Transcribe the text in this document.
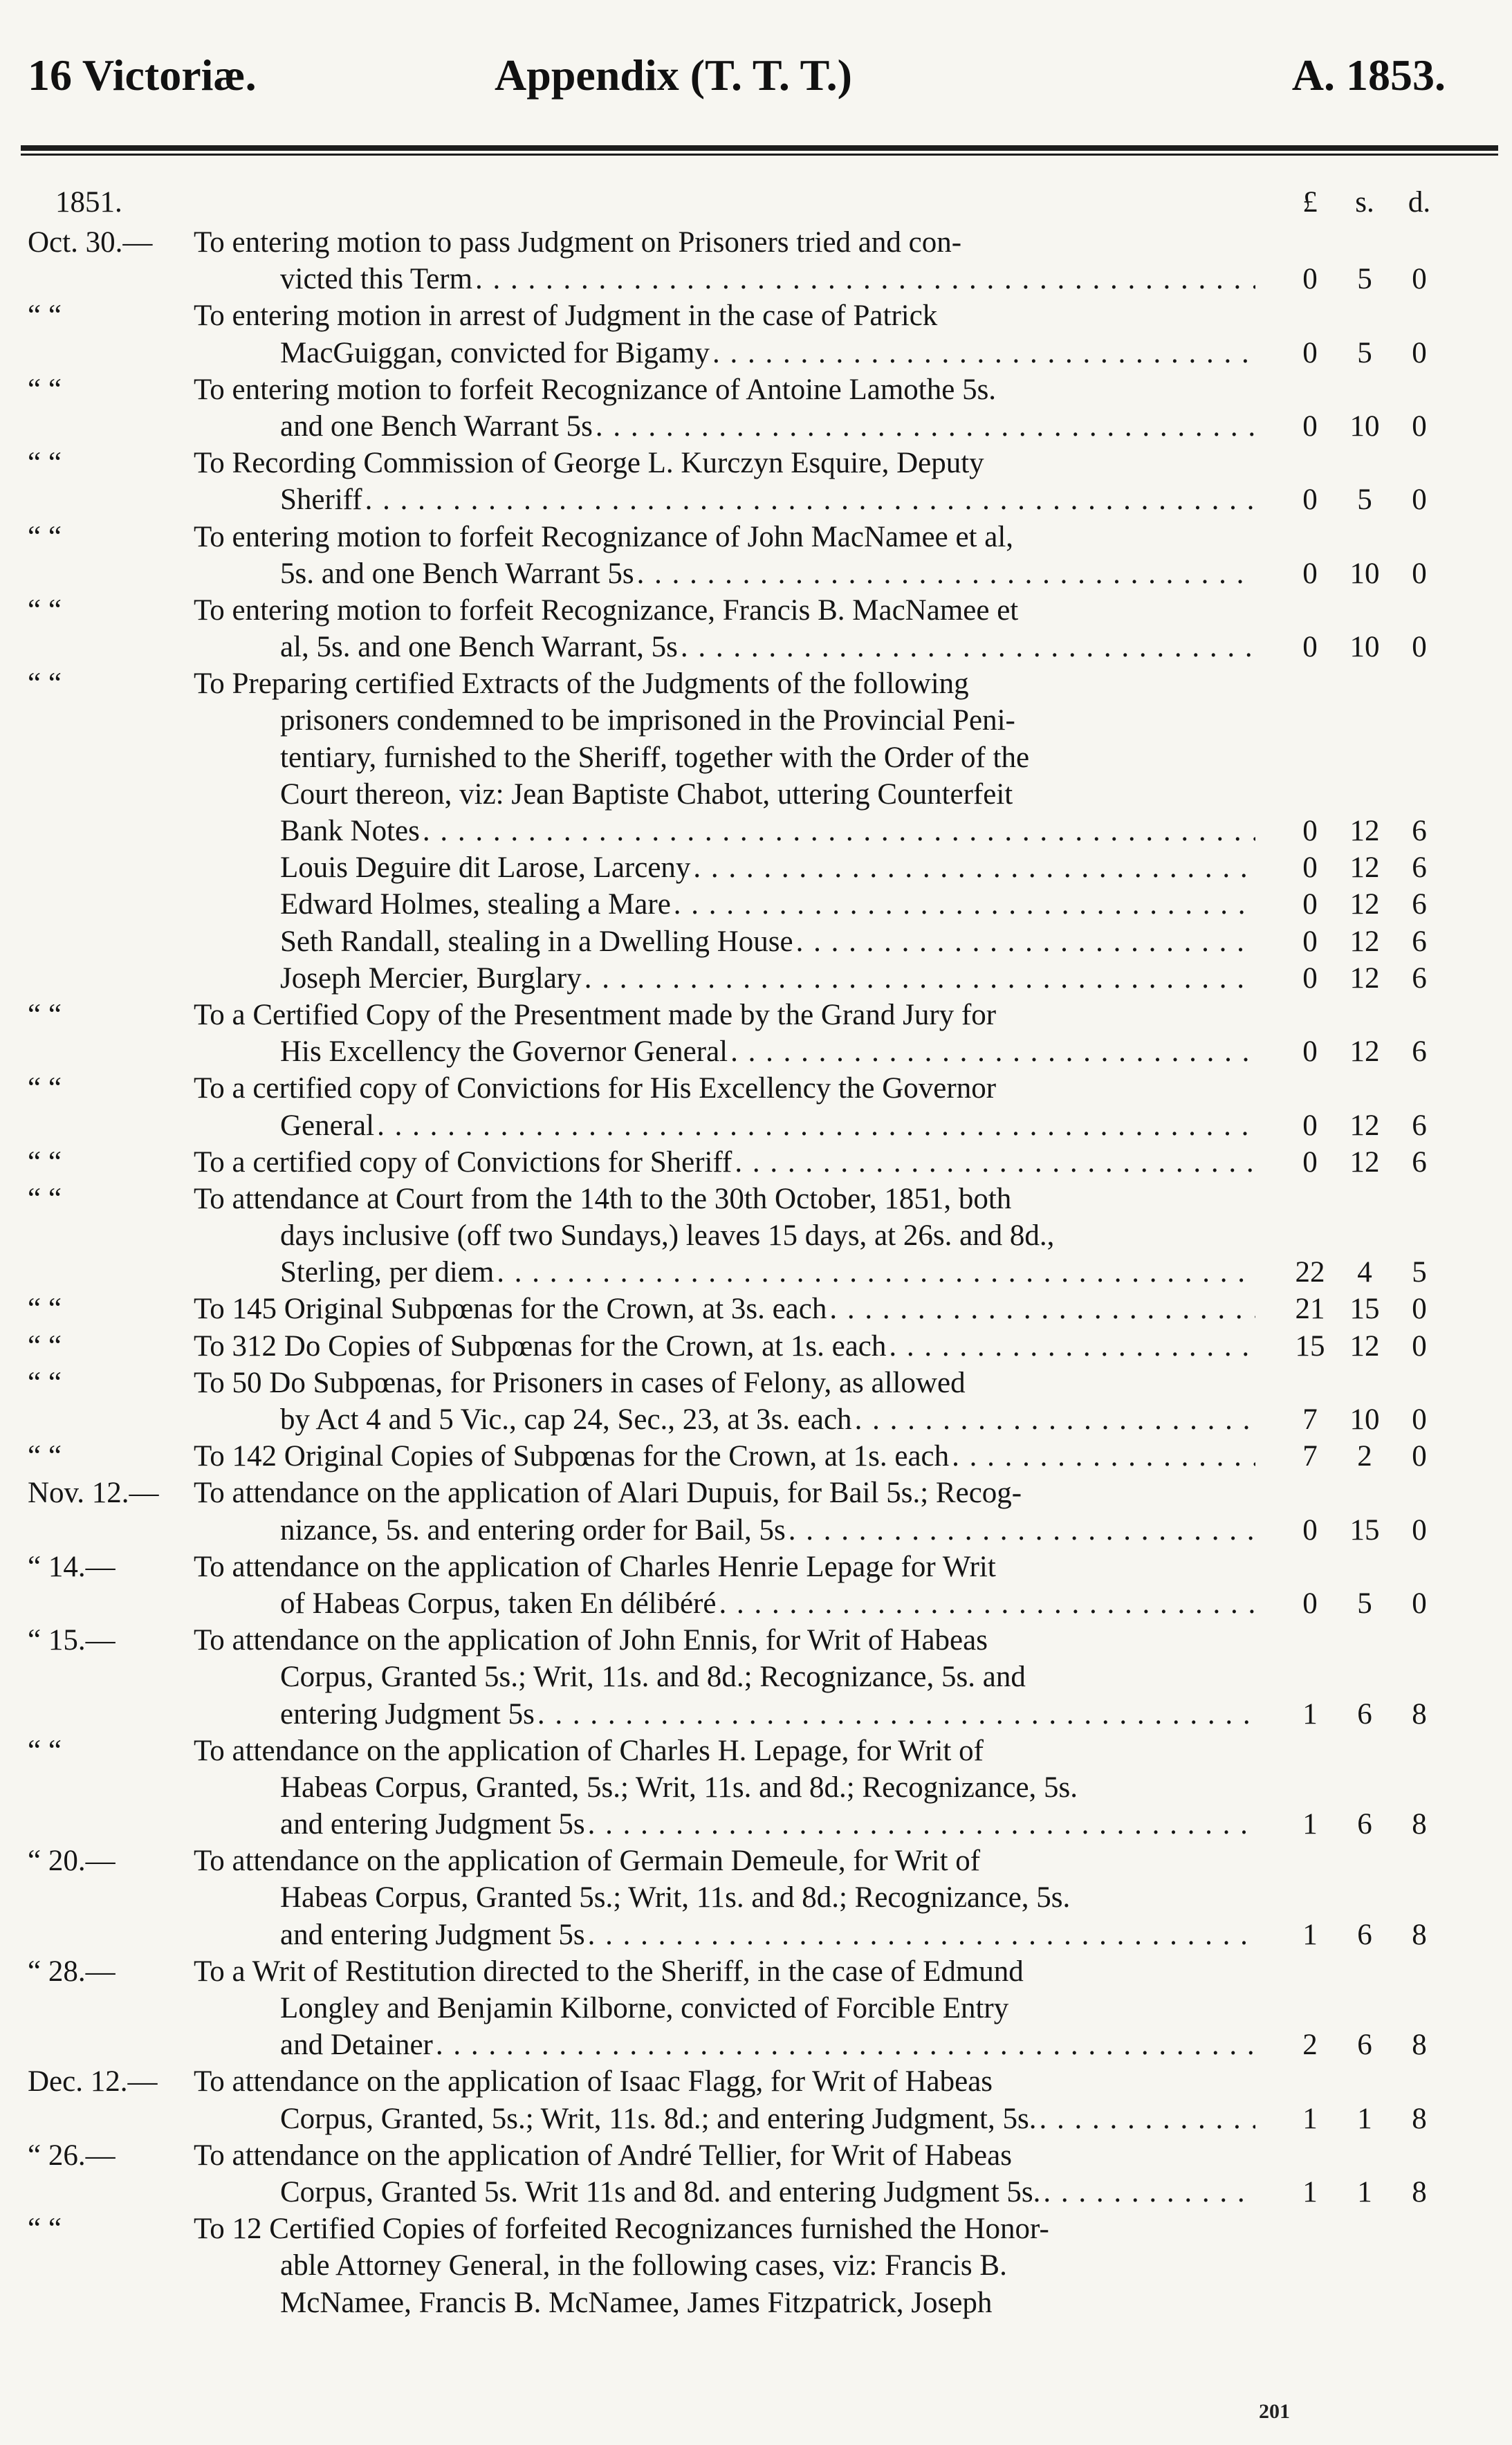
16 Victoriæ.	Appendix (T. T. T.)	A. 1853.
1851.	£	s.	d.
Oct. 30.— To entering motion to pass Judgment on Prisoners tried and con-
victed this Term . . .	0	5	0
“ “	To entering motion in arrest of Judgment in the case of Patrick
MacGuiggan, convicted for Bigamy . . .	0	5	0
“ “	To entering motion to forfeit Recognizance of Antoine Lamothe 5s.
and one Bench Warrant 5s . . .	0	10	0
“ “	To Recording Commission of George L. Kurczyn Esquire, Deputy
Sheriff . . .	0	5	0
“ “	To entering motion to forfeit Recognizance of John MacNamee et al,
5s. and one Bench Warrant 5s . . .	0	10	0
“ “	To entering motion to forfeit Recognizance, Francis B. MacNamee et
al, 5s. and one Bench Warrant, 5s . . .	0	10	0
“ “	To Preparing certified Extracts of the Judgments of the following
prisoners condemned to be imprisoned in the Provincial Peni-
tentiary, furnished to the Sheriff, together with the Order of the
Court thereon, viz: Jean Baptiste Chabot, uttering Counterfeit
Bank Notes . . .	0	12	6
Louis Deguire dit Larose, Larceny . . .	0	12	6
Edward Holmes, stealing a Mare . . .	0	12	6
Seth Randall, stealing in a Dwelling House . . .	0	12	6
Joseph Mercier, Burglary . . .	0	12	6
“ “	To a Certified Copy of the Presentment made by the Grand Jury for
His Excellency the Governor General . . .	0	12	6
“ “	To a certified copy of Convictions for His Excellency the Governor
General . . .	0	12	6
“ “	To a certified copy of Convictions for Sheriff . . .	0	12	6
“ “	To attendance at Court from the 14th to the 30th October, 1851, both
days inclusive (off two Sundays,) leaves 15 days, at 26s. and 8d.,
Sterling, per diem . . .	22	4	5
“ “	To 145 Original Subpœnas for the Crown, at 3s. each . . .	21 15	0
“ “	To 312 Do Copies of Subpœnas for the Crown, at 1s. each . . .	15 12	0
“ “	To 50 Do Subpœnas, for Prisoners in cases of Felony, as allowed
by Act 4 and 5 Vic., cap 24, Sec., 23, at 3s. each . . .	7	10	0
“ “	To 142 Original Copies of Subpœnas for the Crown, at 1s. each . . .	7	2	0
Nov. 12.— To attendance on the application of Alari Dupuis, for Bail 5s.; Recog-
nizance, 5s. and entering order for Bail, 5s . . .	0	15	0
“ 14.—	To attendance on the application of Charles Henrie Lepage for Writ
of Habeas Corpus, taken En délibéré . . .	0	5	0
“ 15.—	To attendance on the application of John Ennis, for Writ of Habeas
Corpus, Granted 5s.; Writ, 11s. and 8d.; Recognizance, 5s. and
entering Judgment 5s . . .	1	6	8
“ “	To attendance on the application of Charles H. Lepage, for Writ of
Habeas Corpus, Granted, 5s.; Writ, 11s. and 8d.; Recognizance, 5s.
and entering Judgment 5s . . .	1	6	8
“ 20.—	To attendance on the application of Germain Demeule, for Writ of
Habeas Corpus, Granted 5s.; Writ, 11s. and 8d.; Recognizance, 5s.
and entering Judgment 5s . . .	1	6	8
“ 28.—	To a Writ of Restitution directed to the Sheriff, in the case of Edmund
Longley and Benjamin Kilborne, convicted of Forcible Entry
and Detainer . . .	2	6	8
Dec. 12.— To attendance on the application of Isaac Flagg, for Writ of Habeas
Corpus, Granted, 5s.; Writ, 11s. 8d.; and entering Judgment, 5s. . . .	1	1	8
“ 26.—	To attendance on the application of André Tellier, for Writ of Habeas
Corpus, Granted 5s. Writ 11s and 8d. and entering Judgment 5s. . . .	1	1	8
“ “	To 12 Certified Copies of forfeited Recognizances furnished the Honor-
able Attorney General, in the following cases, viz: Francis B.
McNamee, Francis B. McNamee, James Fitzpatrick, Joseph
201
